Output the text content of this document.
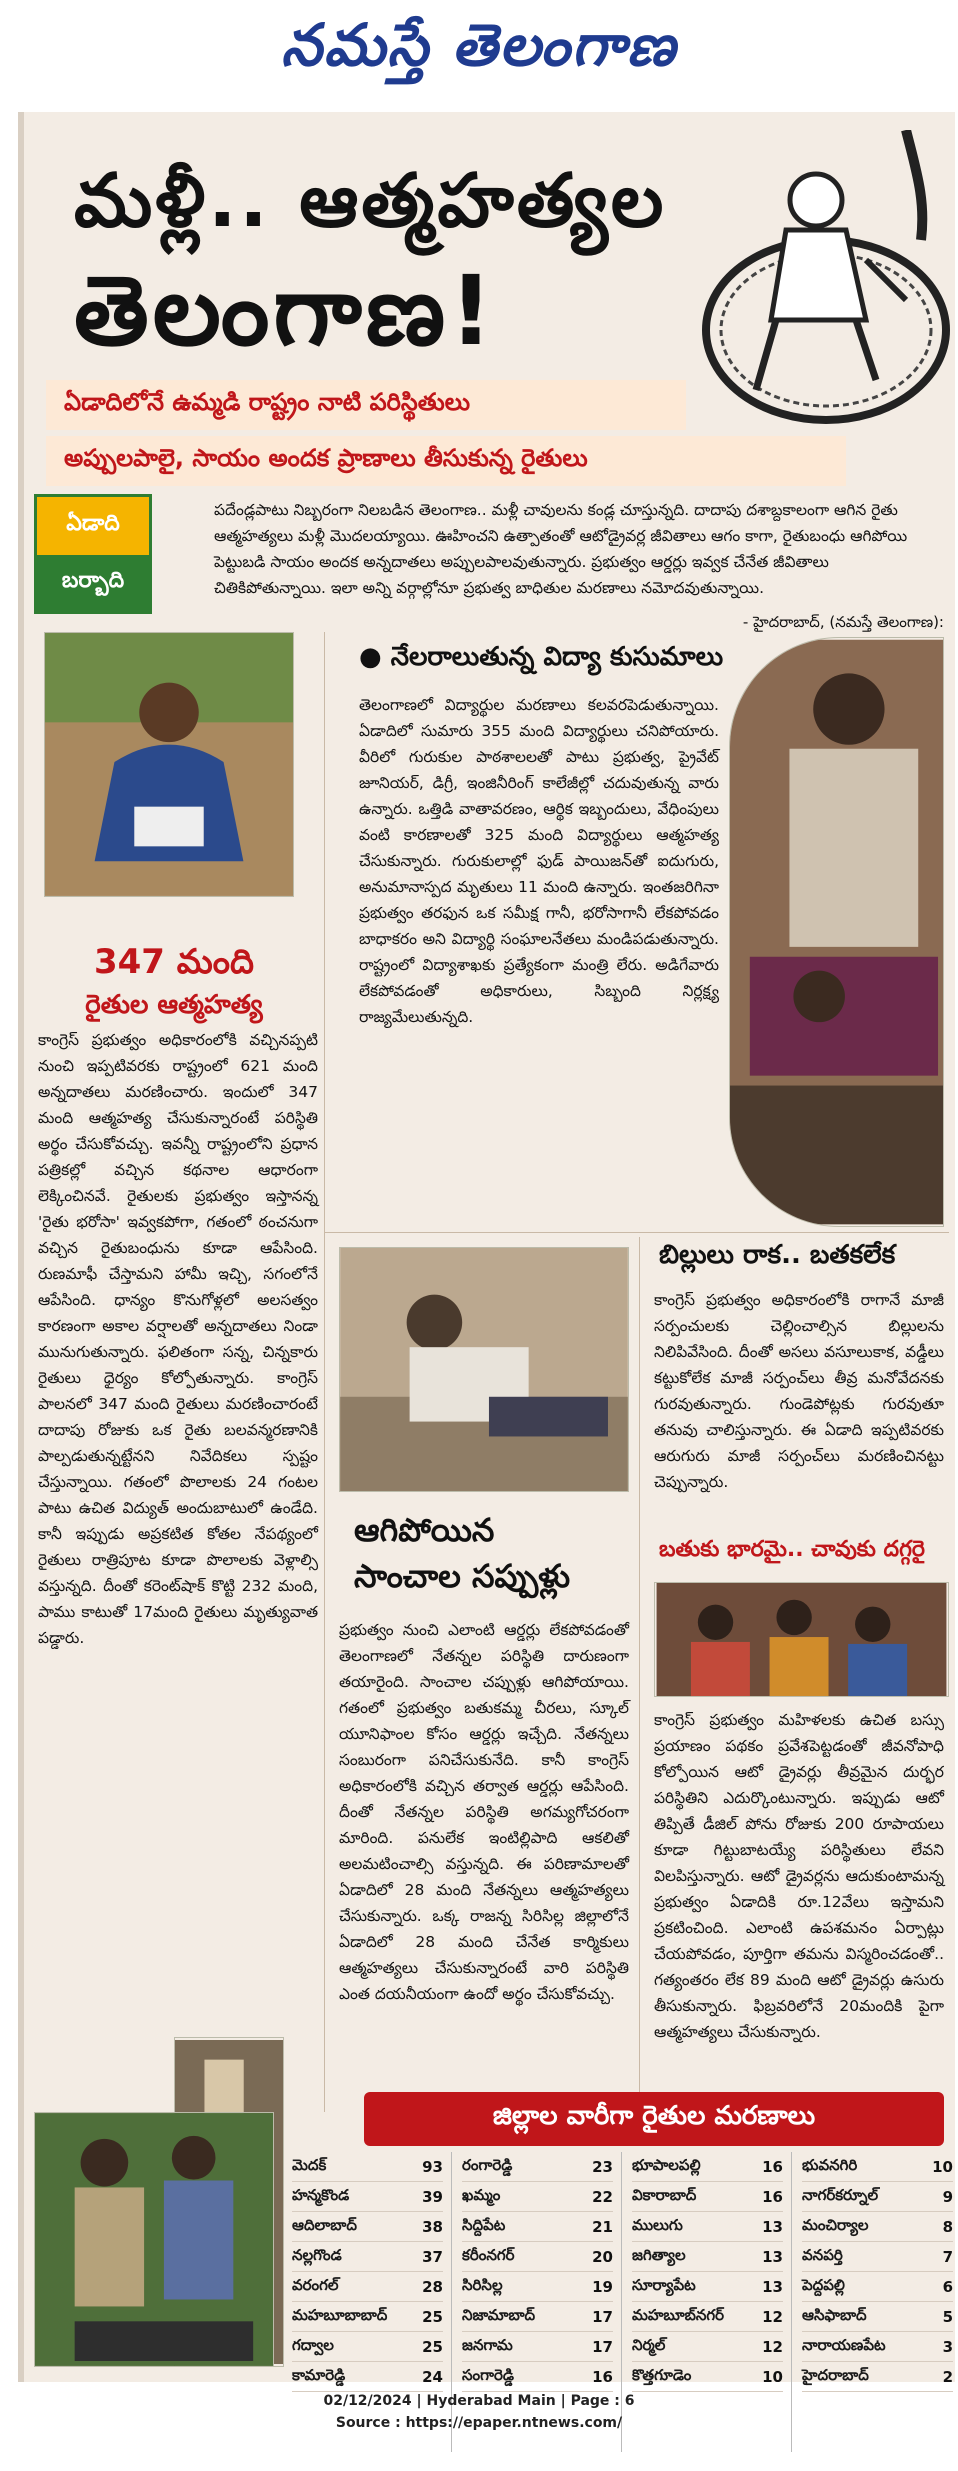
నమస్తే తెలంగాణ
మళ్లీ.. ఆత్మహత్యల
తెలంగాణ!
ఏడాదిలోనే ఉమ్మడి రాష్ట్రం నాటి పరిస్థితులు
అప్పులపాలై, సాయం అందక ప్రాణాలు తీసుకున్న రైతులు
ఏడాది
బర్బాది

పదేండ్లపాటు నిబ్బరంగా నిలబడిన తెలంగాణ.. మళ్లీ చావులను కండ్ల చూస్తున్నది. దాదాపు దశాబ్దకాలంగా ఆగిన రైతు ఆత్మహత్యలు మళ్లీ మొదలయ్యాయి. ఊహించని ఉత్పాతంతో ఆటోడ్రైవర్ల జీవితాలు ఆగం కాగా, రైతుబంధు ఆగిపోయి పెట్టుబడి సాయం అందక అన్నదాతలు అప్పులపాలవుతున్నారు. ప్రభుత్వం ఆర్డర్లు ఇవ్వక చేనేత జీవితాలు చితికిపోతున్నాయి. ఇలా అన్ని వర్గాల్లోనూ ప్రభుత్వ బాధితుల మరణాలు నమోదవుతున్నాయి.

- హైదరాబాద్, (నమస్తే తెలంగాణ):
347 మంది
రైతుల ఆత్మహత్య

కాంగ్రెస్ ప్రభుత్వం అధికారంలోకి వచ్చినప్పటి నుంచి ఇప్పటివరకు రాష్ట్రంలో 621 మంది అన్నదాతలు మరణించారు. ఇందులో 347 మంది ఆత్మహత్య చేసుకున్నారంటే పరిస్థితి అర్థం చేసుకోవచ్చు. ఇవన్నీ రాష్ట్రంలోని ప్రధాన పత్రికల్లో వచ్చిన కథనాల ఆధారంగా లెక్కించినవే. రైతులకు ప్రభుత్వం ఇస్తానన్న 'రైతు భరోసా' ఇవ్వకపోగా, గతంలో ఠంచనుగా వచ్చిన రైతుబంధును కూడా ఆపేసింది. రుణమాఫీ చేస్తామని హామీ ఇచ్చి, సగంలోనే ఆపేసింది. ధాన్యం కొనుగోళ్లలో అలసత్వం కారణంగా అకాల వర్షాలతో అన్నదాతలు నిండా మునుగుతున్నారు. ఫలితంగా సన్న, చిన్నకారు రైతులు ధైర్యం కోల్పోతున్నారు. కాంగ్రెస్ పాలనలో 347 మంది రైతులు మరణించారంటే దాదాపు రోజుకు ఒక రైతు బలవన్మరణానికి పాల్పడుతున్నట్టేనని నివేదికలు స్పష్టం చేస్తున్నాయి. గతంలో పొలాలకు 24 గంటల పాటు ఉచిత విద్యుత్ అందుబాటులో ఉండేది. కానీ ఇప్పుడు అప్రకటిత కోతల నేపథ్యంలో రైతులు రాత్రిపూట కూడా పొలాలకు వెళ్లాల్సి వస్తున్నది. దీంతో కరెంట్‌షాక్ కొట్టి 232 మంది, పాము కాటుతో 17మంది రైతులు మృత్యువాత పడ్డారు.

● నేలరాలుతున్న విద్యా కుసుమాలు

తెలంగాణలో విద్యార్థుల మరణాలు కలవరపెడుతున్నాయి. ఏడాదిలో సుమారు 355 మంది విద్యార్థులు చనిపోయారు. వీరిలో గురుకుల పాఠశాలలతో పాటు ప్రభుత్వ, ప్రైవేట్ జూనియర్, డిగ్రీ, ఇంజినీరింగ్ కాలేజీల్లో చదువుతున్న వారు ఉన్నారు. ఒత్తిడి వాతావరణం, ఆర్థిక ఇబ్బందులు, వేధింపులు వంటి కారణాలతో 325 మంది విద్యార్థులు ఆత్మహత్య చేసుకున్నారు. గురుకులాల్లో ఫుడ్ పాయిజన్‌తో ఐదుగురు, అనుమానాస్పద మృతులు 11 మంది ఉన్నారు. ఇంతజరిగినా ప్రభుత్వం తరఫున ఒక సమీక్ష గానీ, భరోసాగానీ లేకపోవడం బాధాకరం అని విద్యార్థి సంఘాలనేతలు మండిపడుతున్నారు. రాష్ట్రంలో విద్యాశాఖకు ప్రత్యేకంగా మంత్రి లేరు. అడిగేవారు లేకపోవడంతో అధికారులు, సిబ్బంది నిర్లక్ష్య రాజ్యమేలుతున్నది.

ఆగిపోయిన
సాంచాల సప్పుళ్లు

ప్రభుత్వం నుంచి ఎలాంటి ఆర్డర్లు లేకపోవడంతో తెలంగాణలో నేతన్నల పరిస్థితి దారుణంగా తయారైంది. సాంచాల చప్పుళ్లు ఆగిపోయాయి. గతంలో ప్రభుత్వం బతుకమ్మ చీరలు, స్కూల్ యూనిఫాంల కోసం ఆర్డర్లు ఇచ్చేది. నేతన్నలు సంబురంగా పనిచేసుకునేది. కానీ కాంగ్రెస్ అధికారంలోకి వచ్చిన తర్వాత ఆర్డర్లు ఆపేసింది. దీంతో నేతన్నల పరిస్థితి అగమ్యగోచరంగా మారింది. పనులేక ఇంటిల్లిపాది ఆకలితో అలమటించాల్సి వస్తున్నది. ఈ పరిణామాలతో ఏడాదిలో 28 మంది నేతన్నలు ఆత్మహత్యలు చేసుకున్నారు. ఒక్క రాజన్న సిరిసిల్ల జిల్లాలోనే ఏడాదిలో 28 మంది చేనేత కార్మికులు ఆత్మహత్యలు చేసుకున్నారంటే వారి పరిస్థితి ఎంత దయనీయంగా ఉందో అర్థం చేసుకోవచ్చు.

బిల్లులు రాక.. బతకలేక

కాంగ్రెస్ ప్రభుత్వం అధికారంలోకి రాగానే మాజీ సర్పంచులకు చెల్లించాల్సిన బిల్లులను నిలిపివేసింది. దీంతో అసలు వసూలుకాక, వడ్డీలు కట్టుకోలేక మాజీ సర్పంచ్‌లు తీవ్ర మనోవేదనకు గురవుతున్నారు. గుండెపోట్లకు గురవుతూ తనువు చాలిస్తున్నారు. ఈ ఏడాది ఇప్పటివరకు ఆరుగురు మాజీ సర్పంచ్‌లు మరణించినట్టు చెప్పున్నారు.

బతుకు భారమై.. చావుకు దగ్గరై

కాంగ్రెస్ ప్రభుత్వం మహిళలకు ఉచిత బస్సు ప్రయాణం పథకం ప్రవేశపెట్టడంతో జీవనోపాధి కోల్పోయిన ఆటో డ్రైవర్లు తీవ్రమైన దుర్భర పరిస్థితిని ఎదుర్కొంటున్నారు. ఇప్పుడు ఆటో తిప్పితే డీజిల్ పోను రోజుకు 200 రూపాయలు కూడా గిట్టుబాటయ్యే పరిస్థితులు లేవని విలపిస్తున్నారు. ఆటో డ్రైవర్లను ఆదుకుంటామన్న ప్రభుత్వం ఏడాదికి రూ.12వేలు ఇస్తామని ప్రకటించింది. ఎలాంటి ఉపశమనం ఏర్పాట్లు చేయపోవడం, పూర్తిగా తమను విస్మరించడంతో.. గత్యంతరం లేక 89 మంది ఆటో డ్రైవర్లు ఉసురు తీసుకున్నారు. ఫిబ్రవరిలోనే 20మందికి పైగా ఆత్మహత్యలు చేసుకున్నారు.

జిల్లాల వారీగా రైతుల మరణాలు
మెదక్	93
హన్మకొండ	39
ఆదిలాబాద్	38
నల్లగొండ	37
వరంగల్	28
మహబూబాబాద్ 25
గద్వాల	25
కామారెడ్డి	24
రంగారెడ్డి	23
ఖమ్మం	22
సిద్దిపేట	21
కరీంనగర్	20
సిరిసిల్ల	19
నిజామాబాద్	17
జనగామ	17
సంగారెడ్డి	16
భూపాలపల్లి	16
వికారాబాద్	16
ములుగు	13
జగిత్యాల	13
సూర్యాపేట	13
మహబూబ్‌నగర్	12
నిర్మల్	12
కొత్తగూడెం	10
భువనగిరి	10
నాగర్‌కర్నూల్	9
మంచిర్యాల	8
వనపర్తి	7
పెద్దపల్లి	6
ఆసిఫాబాద్	5
నారాయణపేట	3
హైదరాబాద్	2
02/12/2024 | Hyderabad Main | Page : 6
Source : https://epaper.ntnews.com/
